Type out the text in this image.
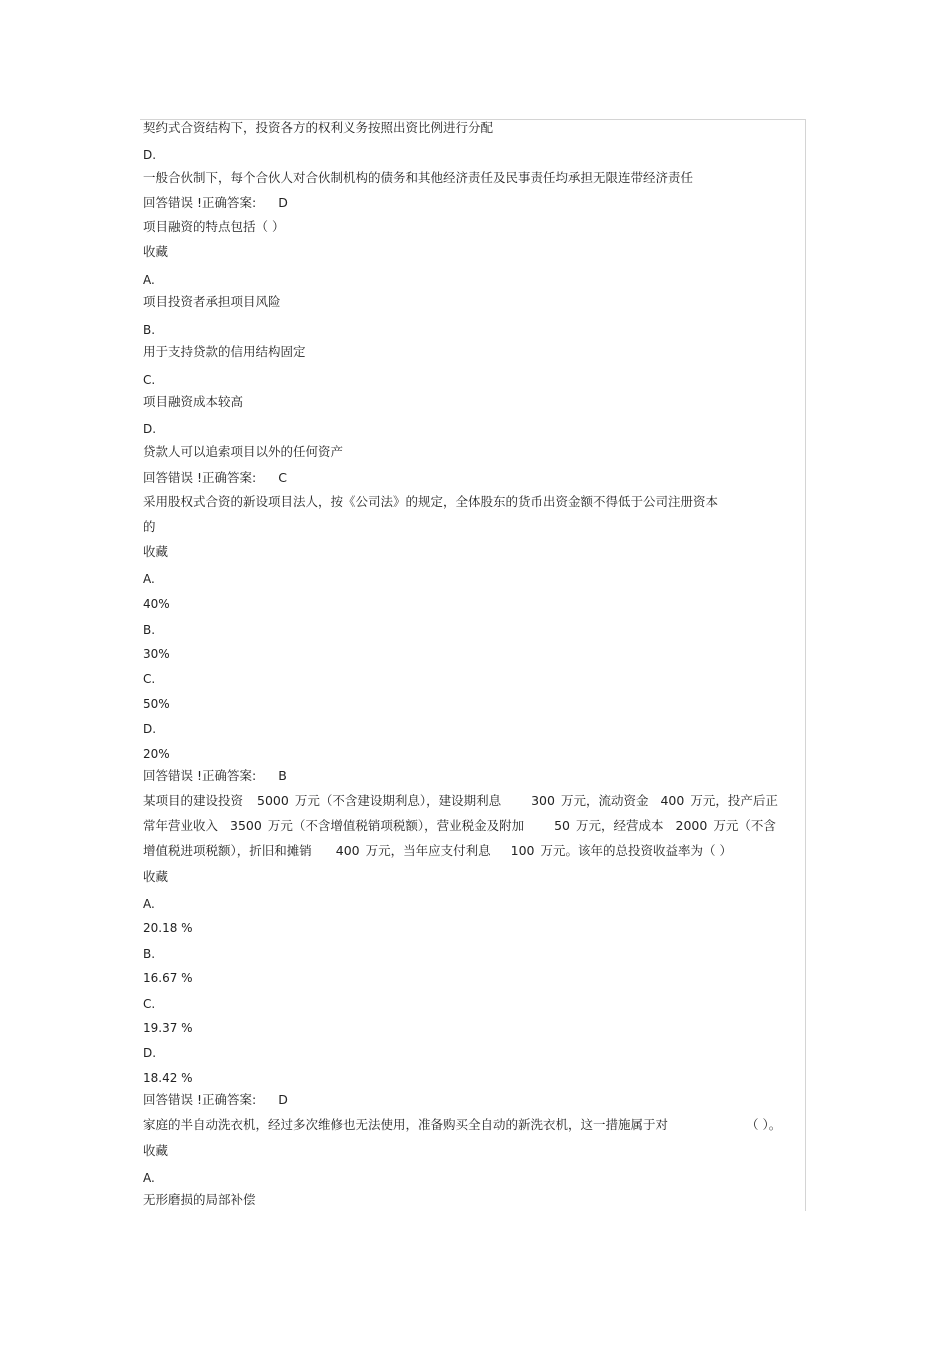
契约式合资结构下，投资各方的权利义务按照出资比例进行分配
D.
一般合伙制下，每个合伙人对合伙制机构的债务和其他经济责任及民事责任均承担无限连带经济责任
回答错误 !正确答案: D
项目融资的特点包括（ ）
收藏
A.
项目投资者承担项目风险
B.
用于支持贷款的信用结构固定
C.
项目融资成本较高
D.
贷款人可以追索项目以外的任何资产
回答错误 !正确答案: C
采用股权式合资的新设项目法人，按《公司法》的规定，全体股东的货币出资金额不得低于公司注册资本
的
收藏
A.
40%
B.
30%
C.
50%
D.
20%
回答错误 !正确答案: B
某项目的建设投资 5000 万元（不含建设期利息），建设期利息 300 万元，流动资金 400 万元，投产后正
常年营业收入 3500 万元（不含增值税销项税额），营业税金及附加 50 万元，经营成本 2000 万元（不含
增值税进项税额），折旧和摊销 400 万元，当年应支付利息 100 万元。该年的总投资收益率为（ ）
收藏
A.
20.18 %
B.
16.67 %
C.
19.37 %
D.
18.42 %
回答错误 !正确答案: D
家庭的半自动洗衣机，经过多次维修也无法使用，准备购买全自动的新洗衣机，这一措施属于对	（ ）。
收藏
A.
无形磨损的局部补偿
